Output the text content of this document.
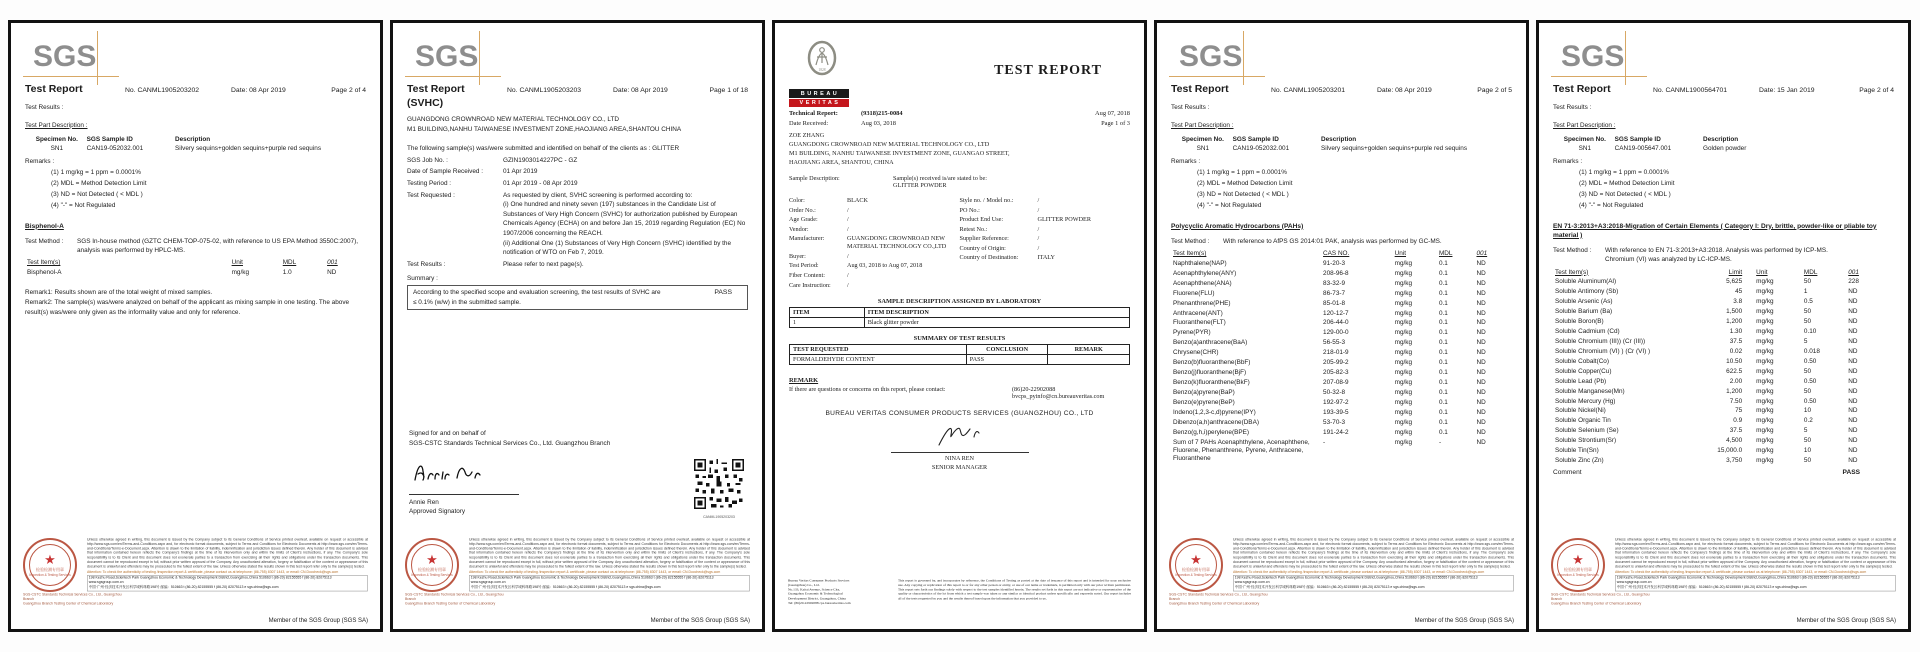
SGS
Test Report	No. CANML1905203202	Date: 08 Apr 2019	Page 2 of 4
Test Results :
Test Part Description :
Specimen No.	SGS Sample ID	Description
SN1	CAN19-052032.001	Silvery sequins+golden sequins+purple red sequins
Remarks :
(1) 1 mg/kg = 1 ppm = 0.0001%
(2) MDL = Method Detection Limit
(3) ND = Not Detected ( < MDL )
(4) "-" = Not Regulated
Bisphenol-A
Test Method :	SGS In-house method (GZTC CHEM-TOP-075-02, with reference to US EPA Method 3550C:2007), analysis was performed by HPLC-MS.
Test Item(s)	Unit	MDL	001
Bisphenol-A	mg/kg	1.0	ND
Remark1: Results shown are of the total weight of mixed samples.
Remark2: The sample(s) was/were analyzed on behalf of the applicant as mixing sample in one testing. The above result(s) was/were only given as the informality value and only for reference.
★
检验检测专用章
Inspection & Testing Services
SGS-CSTC Standards Technical Services Co., Ltd., Guangzhou Branch
Guangzhou Branch Testing Center of Chemical Laboratory

Unless otherwise agreed in writing, this document is issued by the Company subject to its General Conditions of Service printed overleaf, available on request or accessible at http://www.sgs.com/en/Terms-and-Conditions.aspx and, for electronic format documents, subject to Terms and Conditions for Electronic Documents at http://www.sgs.com/en/Terms-and-Conditions/Terms-e-Document.aspx. Attention is drawn to the limitation of liability, indemnification and jurisdiction issues defined therein. Any holder of this document is advised that information contained hereon reflects the Company's findings at the time of its intervention only and within the limits of Client's instructions, if any. The Company's sole responsibility is to its Client and this document does not exonerate parties to a transaction from exercising all their rights and obligations under the transaction documents. This document cannot be reproduced except in full, without prior written approval of the Company. Any unauthorized alteration, forgery or falsification of the content or appearance of this document is unlawful and offenders may be prosecuted to the fullest extent of the law. Unless otherwise stated the results shown in this test report refer only to the sample(s) tested.

Attention: To check the authenticity of testing /inspection report & certificate, please contact us at telephone: (86-755) 8307 1443, or email: CN.Doccheck@sgs.com

198 Kezhu Road,Scientech Park Guangzhou Economic & Technology Development District,Guangzhou,China 510663 t (86-20) 82155555 f (86-20) 82075113 www.sgsgroup.com.cn
中国·广州·经济技术开发区科学城科珠路198号 邮编：510663 t (86-20) 82155555 f (86-20) 82075113 e sgs.china@sgs.com
Member of the SGS Group (SGS SA)
SGS
Test Report	No. CANML1905203203	Date: 08 Apr 2019	Page 1 of 18
(SVHC)
GUANGDONG CROWNROAD NEW MATERIAL TECHNOLOGY CO., LTD
M1 BUILDING,NANHU TAIWANESE INVESTMENT ZONE,HAOJIANG AREA,SHANTOU CHINA
The following sample(s) was/were submitted and identified on behalf of the clients as : GLITTER
SGS Job No. :	GZIN1903014227PC - GZ
Date of Sample Received :	01 Apr 2019
Testing Period :	01 Apr 2019 - 08 Apr 2019
Test Requested :	As requested by client, SVHC screening is performed according to:
(i) One hundred and ninety seven (197) substances in the Candidate List of Substances of Very High Concern (SVHC) for authorization published by European Chemicals Agency (ECHA) on and before Jan 15, 2019 regarding Regulation (EC) No 1907/2006 concerning the REACH.
(ii) Additional One (1) Substances of Very High Concern (SVHC) identified by the notification of WTO on Feb 7, 2019.
Test Results :	Please refer to next page(s).
Summary :
According to the specified scope and evaluation screening, the test results of SVHC are ≤ 0.1% (w/w) in the submitted sample.
PASS
Signed for and on behalf of
SGS-CSTC Standards Technical Services Co., Ltd. Guangzhou Branch
Annie Ren
Approved Signatory
CANML1905203203
★
检验检测专用章
Inspection & Testing Services
SGS-CSTC Standards Technical Services Co., Ltd., Guangzhou Branch
Guangzhou Branch Testing Center of Chemical Laboratory

Unless otherwise agreed in writing, this document is issued by the Company subject to its General Conditions of Service printed overleaf, available on request or accessible at http://www.sgs.com/en/Terms-and-Conditions.aspx and, for electronic format documents, subject to Terms and Conditions for Electronic Documents at http://www.sgs.com/en/Terms-and-Conditions/Terms-e-Document.aspx. Attention is drawn to the limitation of liability, indemnification and jurisdiction issues defined therein. Any holder of this document is advised that information contained hereon reflects the Company's findings at the time of its intervention only and within the limits of Client's instructions, if any. The Company's sole responsibility is to its Client and this document does not exonerate parties to a transaction from exercising all their rights and obligations under the transaction documents. This document cannot be reproduced except in full, without prior written approval of the Company. Any unauthorized alteration, forgery or falsification of the content or appearance of this document is unlawful and offenders may be prosecuted to the fullest extent of the law. Unless otherwise stated the results shown in this test report refer only to the sample(s) tested.

Attention: To check the authenticity of testing /inspection report & certificate, please contact us at telephone: (86-755) 8307 1443, or email: CN.Doccheck@sgs.com

198 Kezhu Road,Scientech Park Guangzhou Economic & Technology Development District,Guangzhou,China 510663 t (86-20) 82155555 f (86-20) 82075113 www.sgsgroup.com.cn
中国·广州·经济技术开发区科学城科珠路198号 邮编：510663 t (86-20) 82155555 f (86-20) 82075113 e sgs.china@sgs.com
Member of the SGS Group (SGS SA)
1828
BUREAU
VERITAS
TEST REPORT
Technical Report:	(9318)215-0084	Aug 07, 2018
Date Received:	Aug 03, 2018	Page 1 of 3
ZOE ZHANG
GUANGDONG CROWNROAD NEW MATERIAL TECHNOLOGY CO., LTD
M1 BUILDING, NANHU TAIWANESE INVESTMENT ZONE, GUANGAO STREET,
HAOJIANG AREA, SHANTOU, CHINA
Sample Description:	Sample(s) received is/are stated to be:
GLITTER POWDER
Color:	BLACK
Order No.:	/
Age Grade:	/
Vendor:	/
Manufacturer:	GUANGDONG CROWNROAD NEW MATERIAL TECHNOLOGY CO.,LTD
Buyer:	/
Test Period:	Aug 03, 2018 to Aug 07, 2018
Fiber Content:	/
Care Instruction:	/
Style no. / Model no.:	/
PO No.:	/
Product End Use:	GLITTER POWDER
Retest No.:	/
Supplier Reference:	/
Country of Origin:	/
Country of Destination:	ITALY
SAMPLE DESCRIPTION ASSIGNED BY LABORATORY
ITEM	ITEM DESCRIPTION
1	Black glitter powder
SUMMARY OF TEST RESULTS
TEST REQUESTED	CONCLUSION	REMARK
FORMALDEHYDE CONTENT	PASS	
REMARK
If there are questions or concerns on this report, please contact:	(86)20-22902088
bvcps_pyinfo@cn.bureauveritas.com
BUREAU VERITAS CONSUMER PRODUCTS SERVICES (GUANGZHOU) CO., LTD
NINA REN
SENIOR MANAGER
Bureau Veritas Consumer Products Services
(Guangzhou) Co., Ltd.
No.133, Kaitai Avenue, Science City,
Guangzhou Economic & Technological
Development District, Guangzhou, China
Tel: (86)20-22902088 cps.bureauveritas.com
This report is governed by, and incorporates by reference, the Conditions of Testing as posted at the date of issuance of this report and is intended for your exclusive use. Any copying or replication of this report to or for any other person or entity, or use of our name or trademark, is permitted only with our prior written permission. This report sets forth our findings solely with respect to the test samples identified herein. The results set forth in this report are not indicative or representative of the quality or characteristics of the lot from which a test sample was taken or any similar or identical product unless specifically and expressly noted. Our report includes all of the tests requested by you and the results thereof based upon the information that you provided to us.
SGS
Test Report	No. CANML1905203201	Date: 08 Apr 2019	Page 2 of 5
Test Results :
Test Part Description :
Specimen No.	SGS Sample ID	Description
SN1	CAN19-052032.001	Silvery sequins+golden sequins+purple red sequins
Remarks :
(1) 1 mg/kg = 1 ppm = 0.0001%
(2) MDL = Method Detection Limit
(3) ND = Not Detected ( < MDL )
(4) "-" = Not Regulated
Polycyclic Aromatic Hydrocarbons (PAHs)
Test Method :	With reference to AfPS GS 2014:01 PAK, analysis was performed by GC-MS.
Test Item(s)	CAS NO.	Unit	MDL	001
Naphthalene(NAP)	91-20-3	mg/kg	0.1	ND
Acenaphthylene(ANY)	208-96-8	mg/kg	0.1	ND
Acenaphthene(ANA)	83-32-9	mg/kg	0.1	ND
Fluorene(FLU)	86-73-7	mg/kg	0.1	ND
Phenanthrene(PHE)	85-01-8	mg/kg	0.1	ND
Anthracene(ANT)	120-12-7	mg/kg	0.1	ND
Fluoranthene(FLT)	206-44-0	mg/kg	0.1	ND
Pyrene(PYR)	129-00-0	mg/kg	0.1	ND
Benzo(a)anthracene(BaA)	56-55-3	mg/kg	0.1	ND
Chrysene(CHR)	218-01-9	mg/kg	0.1	ND
Benzo(b)fluoranthene(BbF)	205-99-2	mg/kg	0.1	ND
Benzo(j)fluoranthene(BjF)	205-82-3	mg/kg	0.1	ND
Benzo(k)fluoranthene(BkF)	207-08-9	mg/kg	0.1	ND
Benzo(a)pyrene(BaP)	50-32-8	mg/kg	0.1	ND
Benzo(e)pyrene(BeP)	192-97-2	mg/kg	0.1	ND
Indeno(1,2,3-c,d)pyrene(IPY)	193-39-5	mg/kg	0.1	ND
Dibenzo(a,h)anthracene(DBA)	53-70-3	mg/kg	0.1	ND
Benzo(g,h,i)perylene(BPE)	191-24-2	mg/kg	0.1	ND
Sum of 7 PAHs Acenaphthylene, Acenaphthene, Fluorene, Phenanthrene, Pyrene, Anthracene, Fluoranthene	-	mg/kg	-	ND
★
检验检测专用章
Inspection & Testing Services
SGS-CSTC Standards Technical Services Co., Ltd., Guangzhou Branch
Guangzhou Branch Testing Center of Chemical Laboratory

Unless otherwise agreed in writing, this document is issued by the Company subject to its General Conditions of Service printed overleaf, available on request or accessible at http://www.sgs.com/en/Terms-and-Conditions.aspx and, for electronic format documents, subject to Terms and Conditions for Electronic Documents at http://www.sgs.com/en/Terms-and-Conditions/Terms-e-Document.aspx. Attention is drawn to the limitation of liability, indemnification and jurisdiction issues defined therein. Any holder of this document is advised that information contained hereon reflects the Company's findings at the time of its intervention only and within the limits of Client's instructions, if any. The Company's sole responsibility is to its Client and this document does not exonerate parties to a transaction from exercising all their rights and obligations under the transaction documents. This document cannot be reproduced except in full, without prior written approval of the Company. Any unauthorized alteration, forgery or falsification of the content or appearance of this document is unlawful and offenders may be prosecuted to the fullest extent of the law. Unless otherwise stated the results shown in this test report refer only to the sample(s) tested.

Attention: To check the authenticity of testing /inspection report & certificate, please contact us at telephone: (86-755) 8307 1443, or email: CN.Doccheck@sgs.com

198 Kezhu Road,Scientech Park Guangzhou Economic & Technology Development District,Guangzhou,China 510663 t (86-20) 82155555 f (86-20) 82075113 www.sgsgroup.com.cn
中国·广州·经济技术开发区科学城科珠路198号 邮编：510663 t (86-20) 82155555 f (86-20) 82075113 e sgs.china@sgs.com
Member of the SGS Group (SGS SA)
SGS
Test Report	No. CANML1900564701	Date: 15 Jan 2019	Page 2 of 4
Test Results :
Test Part Description :
Specimen No.	SGS Sample ID	Description
SN1	CAN19-005647.001	Golden powder
Remarks :
(1) 1 mg/kg = 1 ppm = 0.0001%
(2) MDL = Method Detection Limit
(3) ND = Not Detected ( < MDL )
(4) "-" = Not Regulated
EN 71-3:2013+A3:2018-Migration of Certain Elements ( Category I: Dry, brittle, powder-like or pliable toy material )
Test Method :	With reference to EN 71-3:2013+A3:2018. Analysis was performed by ICP-MS.
Chromium (VI) was analyzed by LC-ICP-MS.
Test Item(s)	Limit	Unit	MDL	001
Soluble Aluminum(Al)	5,625	mg/kg	50	228
Soluble Antimony (Sb)	45	mg/kg	1	ND
Soluble Arsenic (As)	3.8	mg/kg	0.5	ND
Soluble Barium (Ba)	1,500	mg/kg	50	ND
Soluble Boron(B)	1,200	mg/kg	50	ND
Soluble Cadmium (Cd)	1.30	mg/kg	0.10	ND
Soluble Chromium (III)) (Cr (III))	37.5	mg/kg	5	ND
Soluble Chromium (VI) ) (Cr (VI) )	0.02	mg/kg	0.018	ND
Soluble Cobalt(Co)	10.50	mg/kg	0.50	ND
Soluble Copper(Cu)	622.5	mg/kg	50	ND
Soluble Lead (Pb)	2.00	mg/kg	0.50	ND
Soluble Manganese(Mn)	1,200	mg/kg	50	ND
Soluble Mercury (Hg)	7.50	mg/kg	0.50	ND
Soluble Nickel(Ni)	75	mg/kg	10	ND
Soluble Organic Tin	0.9	mg/kg	0.2	ND
Soluble Selenium (Se)	37.5	mg/kg	5	ND
Soluble Strontium(Sr)	4,500	mg/kg	50	ND
Soluble Tin(Sn)	15,000.0	mg/kg	10	ND
Soluble Zinc (Zn)	3,750	mg/kg	50	ND
Comment	PASS
★
检验检测专用章
Inspection & Testing Services
SGS-CSTC Standards Technical Services Co., Ltd., Guangzhou Branch
Guangzhou Branch Testing Center of Chemical Laboratory

Unless otherwise agreed in writing, this document is issued by the Company subject to its General Conditions of Service printed overleaf, available on request or accessible at http://www.sgs.com/en/Terms-and-Conditions.aspx and, for electronic format documents, subject to Terms and Conditions for Electronic Documents at http://www.sgs.com/en/Terms-and-Conditions/Terms-e-Document.aspx. Attention is drawn to the limitation of liability, indemnification and jurisdiction issues defined therein. Any holder of this document is advised that information contained hereon reflects the Company's findings at the time of its intervention only and within the limits of Client's instructions, if any. The Company's sole responsibility is to its Client and this document does not exonerate parties to a transaction from exercising all their rights and obligations under the transaction documents. This document cannot be reproduced except in full, without prior written approval of the Company. Any unauthorized alteration, forgery or falsification of the content or appearance of this document is unlawful and offenders may be prosecuted to the fullest extent of the law. Unless otherwise stated the results shown in this test report refer only to the sample(s) tested.

Attention: To check the authenticity of testing /inspection report & certificate, please contact us at telephone: (86-755) 8307 1443, or email: CN.Doccheck@sgs.com

198 Kezhu Road,Scientech Park Guangzhou Economic & Technology Development District,Guangzhou,China 510663 t (86-20) 82155555 f (86-20) 82075113 www.sgsgroup.com.cn
中国·广州·经济技术开发区科学城科珠路198号 邮编：510663 t (86-20) 82155555 f (86-20) 82075113 e sgs.china@sgs.com
Member of the SGS Group (SGS SA)
